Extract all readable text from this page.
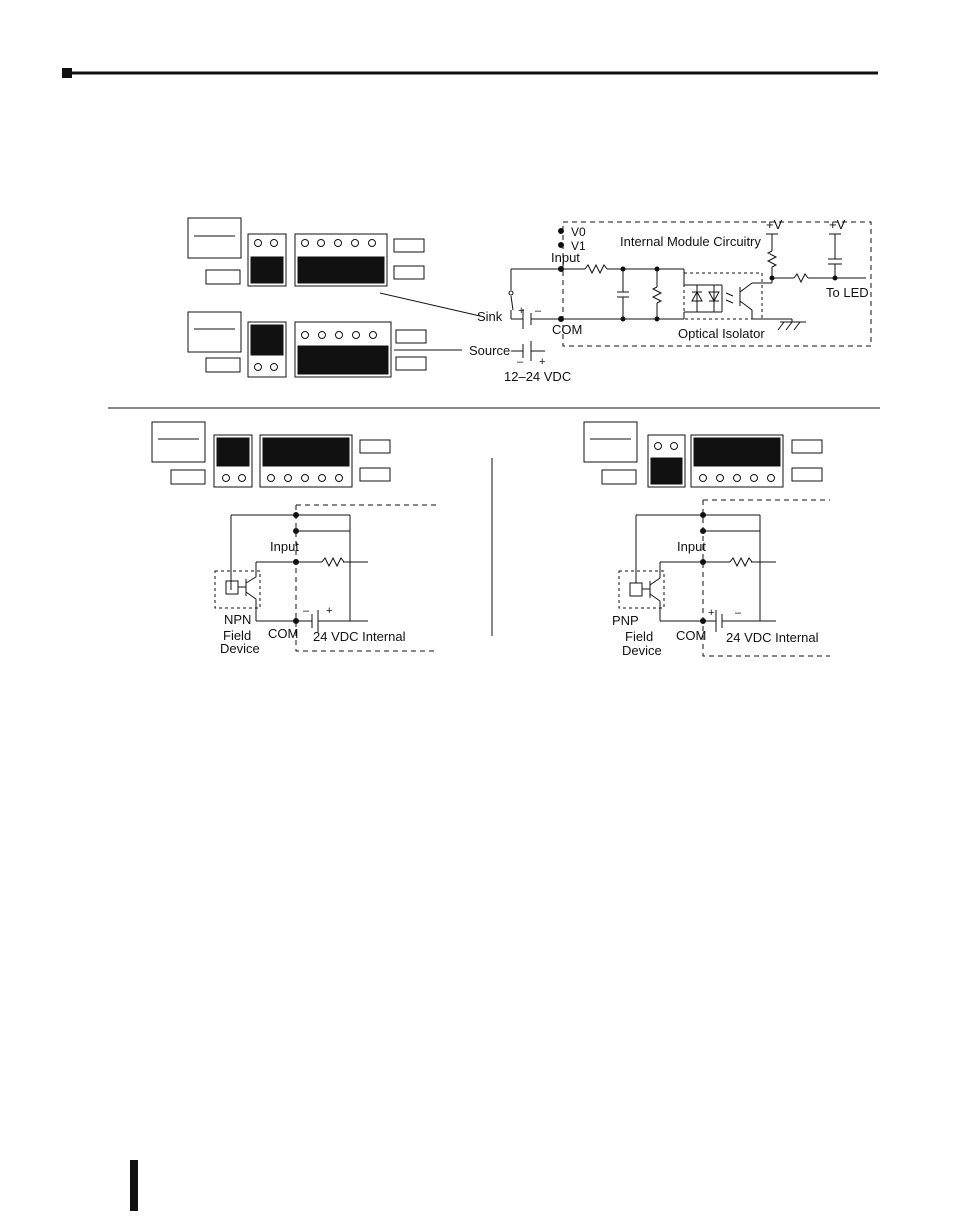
Internal Module Circuitry
V0
V1
Input
COM
Sink
Source
12–24 VDC
Optical Isolator
To LED
+V	+V
+ –
– +
Input
NPN
Field
Device
COM 24 VDC Internal
– +
Input
PNP
Field
Device
COM 24 VDC Internal
+ –
